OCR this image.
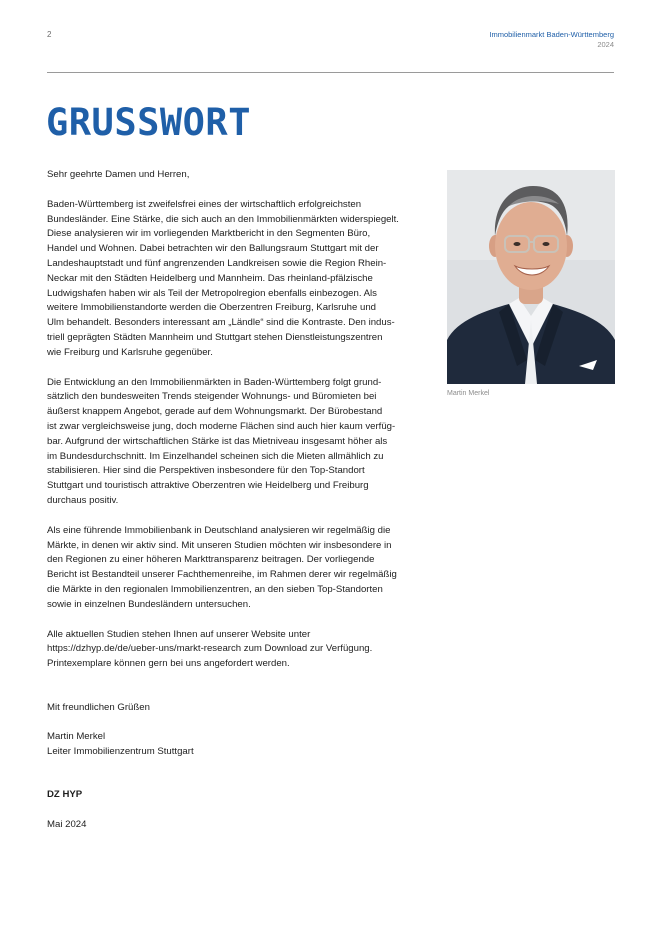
2	Immobilienmarkt Baden-Württemberg
2024
GRUSSWORT

Sehr geehrte Damen und Herren,

Baden-Württemberg ist zweifelsfrei eines der wirtschaftlich erfolgreichsten
Bundesländer. Eine Stärke, die sich auch an den Immobilienmärkten widerspiegelt.
Diese analysieren wir im vorliegenden Marktbericht in den Segmenten Büro,
Handel und Wohnen. Dabei betrachten wir den Ballungsraum Stuttgart mit der
Landeshauptstadt und fünf angrenzenden Landkreisen sowie die Region Rhein-
Neckar mit den Städten Heidelberg und Mannheim. Das rheinland-pfälzische
Ludwigshafen haben wir als Teil der Metropolregion ebenfalls einbezogen. Als
weitere Immobilienstandorte werden die Oberzentren Freiburg, Karlsruhe und
Ulm behandelt. Besonders interessant am „Ländle“ sind die Kontraste. Den indus-
triell geprägten Städten Mannheim und Stuttgart stehen Dienstleistungszentren
wie Freiburg und Karlsruhe gegenüber.

Die Entwicklung an den Immobilienmärkten in Baden-Württemberg folgt grund-
sätzlich den bundesweiten Trends steigender Wohnungs- und Büromieten bei
äußerst knappem Angebot, gerade auf dem Wohnungsmarkt. Der Bürobestand
ist zwar vergleichsweise jung, doch moderne Flächen sind auch hier kaum verfüg-
bar. Aufgrund der wirtschaftlichen Stärke ist das Mietniveau insgesamt höher als
im Bundesdurchschnitt. Im Einzelhandel scheinen sich die Mieten allmählich zu
stabilisieren. Hier sind die Perspektiven insbesondere für den Top-Standort
Stuttgart und touristisch attraktive Oberzentren wie Heidelberg und Freiburg
durchaus positiv.

Als eine führende Immobilienbank in Deutschland analysieren wir regelmäßig die
Märkte, in denen wir aktiv sind. Mit unseren Studien möchten wir insbesondere in
den Regionen zu einer höheren Markttransparenz beitragen. Der vorliegende
Bericht ist Bestandteil unserer Fachthemenreihe, im Rahmen derer wir regelmäßig
die Märkte in den regionalen Immobilienzentren, an den sieben Top-Standorten
sowie in einzelnen Bundesländern untersuchen.

Alle aktuellen Studien stehen Ihnen auf unserer Website unter
https://dzhyp.de/de/ueber-uns/markt-research zum Download zur Verfügung.
Printexemplare können gern bei uns angefordert werden.

Mit freundlichen Grüßen

Martin Merkel

Leiter Immobilienzentrum Stuttgart

DZ HYP

Mai 2024

Martin Merkel
